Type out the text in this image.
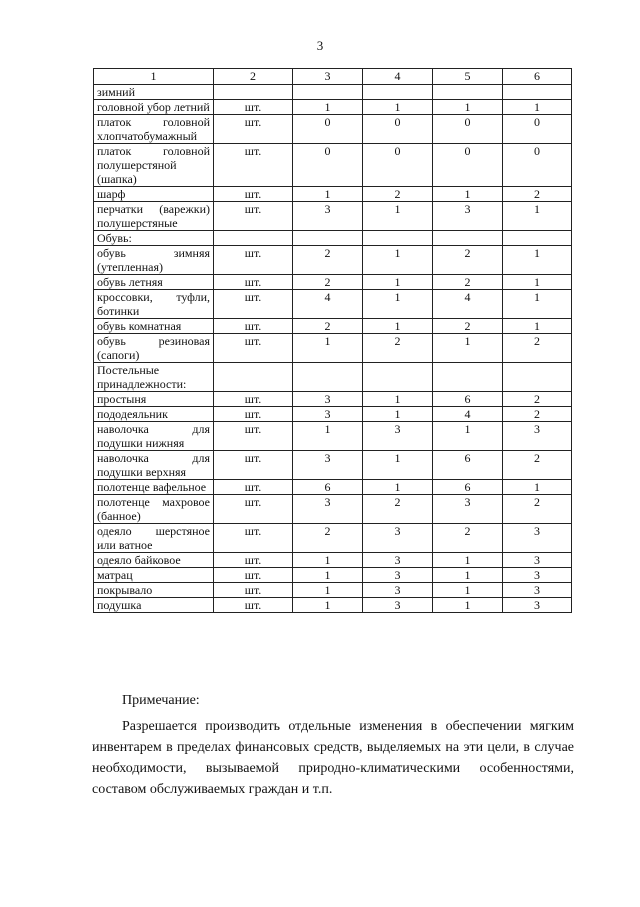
3
1	2	3	4	5	6
зимний					
головной убор летний	шт.	1	1	1	1
платок головной хлопчатобумажный	шт.	0	0	0	0
платок головной полушерстяной (шапка)	шт.	0	0	0	0
шарф	шт.	1	2	1	2
перчатки (варежки) полушерстяные	шт.	3	1	3	1
Обувь:					
обувь зимняя (утепленная)	шт.	2	1	2	1
обувь летняя	шт.	2	1	2	1
кроссовки, туфли, ботинки	шт.	4	1	4	1
обувь комнатная	шт.	2	1	2	1
обувь резиновая (сапоги)	шт.	1	2	1	2
Постельные принадлежности:					
простыня	шт.	3	1	6	2
пододеяльник	шт.	3	1	4	2
наволочка для подушки нижняя	шт.	1	3	1	3
наволочка для подушки верхняя	шт.	3	1	6	2
полотенце вафельное	шт.	6	1	6	1
полотенце махровое (банное)	шт.	3	2	3	2
одеяло шерстяное или ватное	шт.	2	3	2	3
одеяло байковое	шт.	1	3	1	3
матрац	шт.	1	3	1	3
покрывало	шт.	1	3	1	3
подушка	шт.	1	3	1	3

Примечание:

Разрешается производить отдельные изменения в обеспечении мягким инвентарем в пределах финансовых средств, выделяемых на эти цели, в случае необходимости, вызываемой природно-климатическими особенностями, составом обслуживаемых граждан и т.п.
